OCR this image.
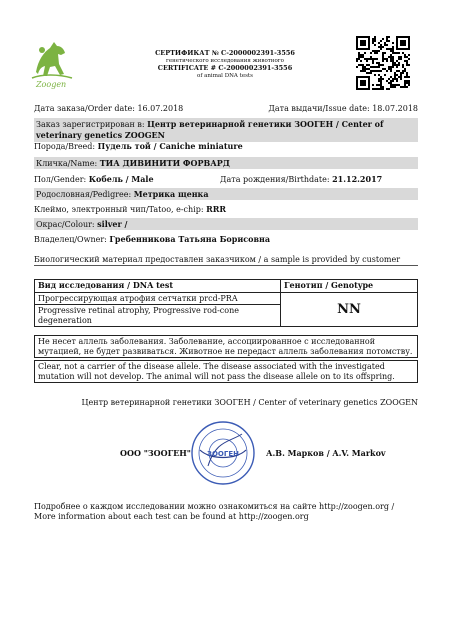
Zoogen
СЕРТИФИКАТ № С-2000002391-3556
генетического исследования животного
CERTIFICATE # С-2000002391-3556
of animal DNA tests
Дата заказа/Order date: 16.07.2018	Дата выдачи/Issue date: 18.07.2018
Заказ зарегистрирован в: Центр ветеринарной генетики ЗООГЕН / Center of veterinary genetics ZOOGEN
Порода/Breed: Пудель той / Caniche miniature
Кличка/Name: ТИА ДИВИНИТИ ФОРВАРД
Пол/Gender: Кобель / Male	Дата рождения/Birthdate: 21.12.2017
Родословная/Pedigree: Метрика щенка
Клеймо, электронный чип/Tatoo, e-chip: RRR
Окрас/Colour: silver /
Владелец/Owner: Гребенникова Татьяна Борисовна
Биологический материал предоставлен заказчиком / a sample is provided by customer
Вид исследования / DNA test	Генотип / Genotype
Прогрессирующая атрофия сетчатки prcd-PRA	NN
Progressive retinal atrophy, Progressive rod-cone degeneration	
Не несет аллель заболевания. Заболевание, ассоциированное с исследованной мутацией, не будет развиваться. Животное не передаст аллель заболевания потомству.
Clear, not a carrier of the disease allele. The disease associated with the investigated mutation will not develop. The animal will not pass the disease allele on to its offspring.
Центр ветеринарной генетики ЗООГЕН / Center of veterinary genetics ZOOGEN
ООО "ЗООГЕН" ЗООГЕН	А.В. Марков / A.V. Markov
Подробнее о каждом исследовании можно ознакомиться на сайте http://zoogen.org / More information about each test can be found at http://zoogen.org
